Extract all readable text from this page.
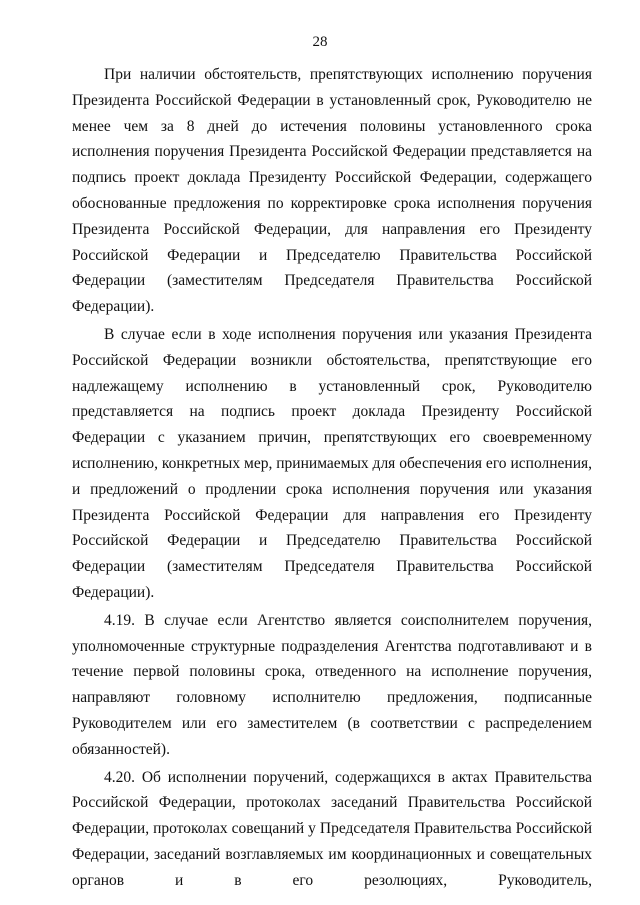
28

При наличии обстоятельств, препятствующих исполнению поручения Президента Российской Федерации в установленный срок, Руководителю не менее чем за 8 дней до истечения половины установленного срока исполнения поручения Президента Российской Федерации представляется на подпись проект доклада Президенту Российской Федерации, содержащего обоснованные предложения по корректировке срока исполнения поручения Президента Российской Федерации, для направления его Президенту Российской Федерации и Председателю Правительства Российской Федерации (заместителям Председателя Правительства Российской Федерации).

В случае если в ходе исполнения поручения или указания Президента Российской Федерации возникли обстоятельства, препятствующие его надлежащему исполнению в установленный срок, Руководителю представляется на подпись проект доклада Президенту Российской Федерации с указанием причин, препятствующих его своевременному исполнению, конкретных мер, принимаемых для обеспечения его исполнения, и предложений о продлении срока исполнения поручения или указания Президента Российской Федерации для направления его Президенту Российской Федерации и Председателю Правительства Российской Федерации (заместителям Председателя Правительства Российской Федерации).

4.19. В случае если Агентство является соисполнителем поручения, уполномоченные структурные подразделения Агентства подготавливают и в течение первой половины срока, отведенного на исполнение поручения, направляют головному исполнителю предложения, подписанные Руководителем или его заместителем (в соответствии с распределением обязанностей).

4.20. Об исполнении поручений, содержащихся в актах Правительства Российской Федерации, протоколах заседаний Правительства Российской Федерации, протоколах совещаний у Председателя Правительства Российской Федерации, заседаний возглавляемых им координационных и совещательных органов и в его резолюциях, Руководитель,
